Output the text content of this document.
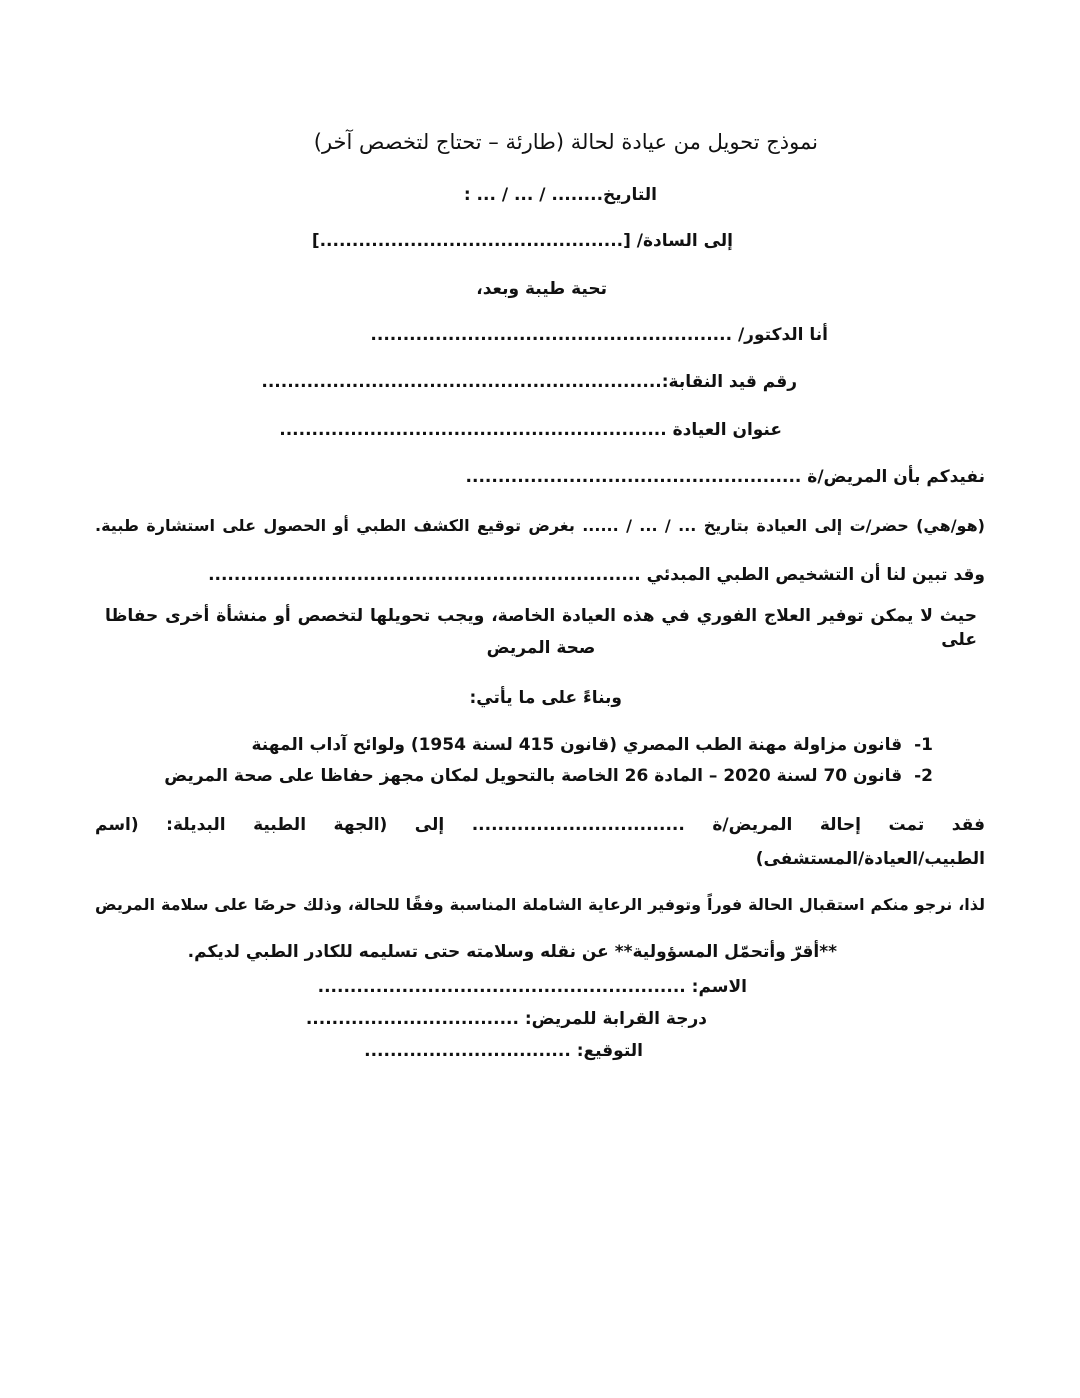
نموذج تحويل من عيادة لحالة (طارئة – تحتاج لتخصص آخر)
التاريخ........ / ... / ... :
إلى السادة/ [...............................................]
تحية طيبة وبعد،
أنا الدكتور/ ........................................................
رقم قيد النقابة:..............................................................
عنوان العيادة ............................................................
نفيدكم بأن المريض/ة ....................................................
(هو/هي) حضر/ت إلى العيادة بتاريخ ... / ... / ...... بغرض توقيع الكشف الطبي أو الحصول على استشارة طبية.
وقد تبين لنا أن التشخيص الطبي المبدئي ...................................................................
حيث لا يمكن توفير العلاج الفوري في هذه العيادة الخاصة، ويجب تحويلها لتخصص أو منشأة أخرى حفاظا على
صحة المريض
وبناءً على ما يأتي:
1-
قانون مزاولة مهنة الطب المصري (قانون 415 لسنة 1954) ولوائح آداب المهنة
2-
قانون 70 لسنة 2020 – المادة 26 الخاصة بالتحويل لمكان مجهز حفاظا على صحة المريض
فقد تمت إحالة المريض/ة ................................. إلى (الجهة الطبية البديلة: (اسم
الطبيب/العيادة/المستشفى)
لذا، نرجو منكم استقبال الحالة فوراً وتوفير الرعاية الشاملة المناسبة وفقًا للحالة، وذلك حرصًا على سلامة المريض
**أقرّ وأتحمّل المسؤولية** عن نقله وسلامته حتى تسليمه للكادر الطبي لديكم.
الاسم: .........................................................
درجة القرابة للمريض: .................................
التوقيع: ................................
